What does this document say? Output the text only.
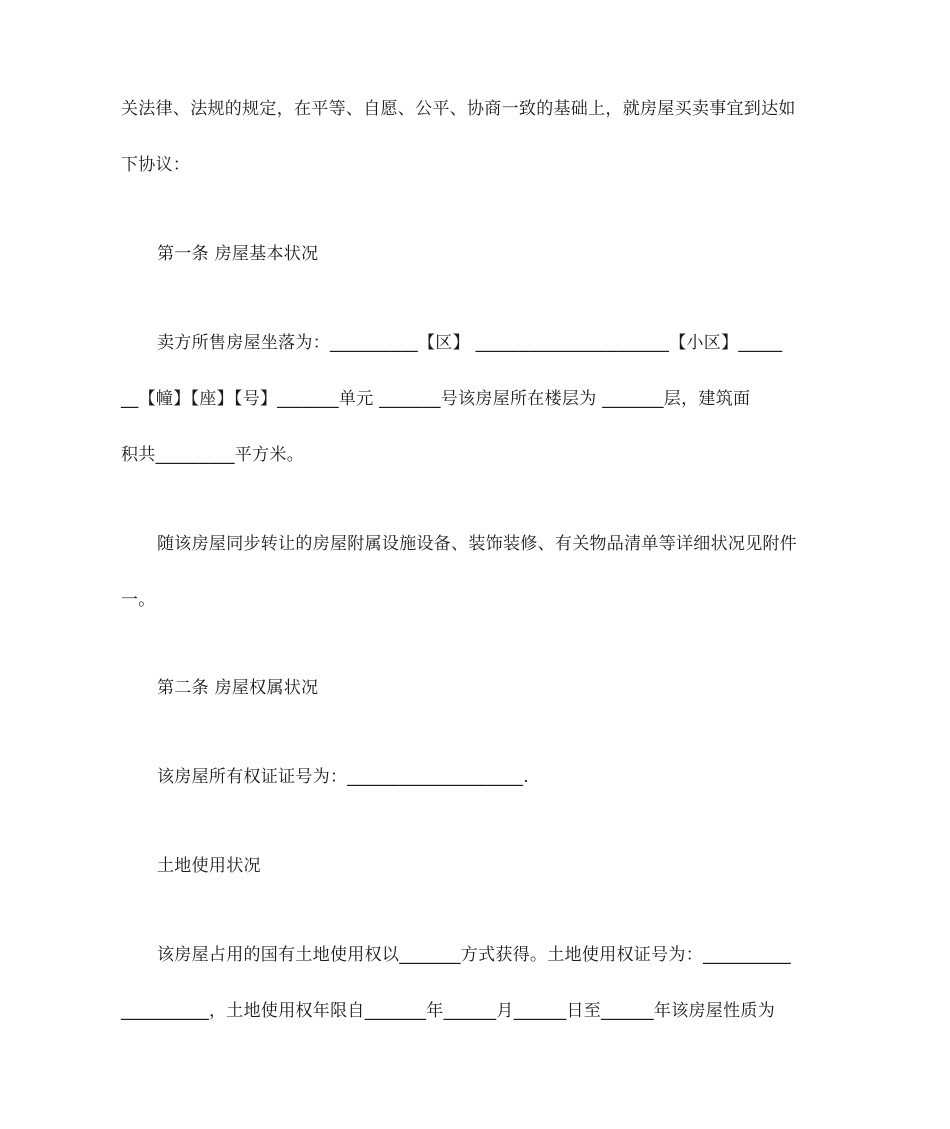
关法律、法规的规定，在平等、自愿、公平、协商一致的基础上，就房屋买卖事宜到达如
下协议：
第一条 房屋基本状况
卖方所售房屋坐落为：__________【区】 ______________________【小区】_____
__【幢】【座】【号】_______单元 _______号该房屋所在楼层为 _______层，建筑面
积共_________平方米。
随该房屋同步转让的房屋附属设施设备、装饰装修、有关物品清单等详细状况见附件
一。
第二条 房屋权属状况
该房屋所有权证证号为：____________________.
土地使用状况
该房屋占用的国有土地使用权以_______方式获得。土地使用权证号为：__________
__________，土地使用权年限自_______年______月______日至______年该房屋性质为
